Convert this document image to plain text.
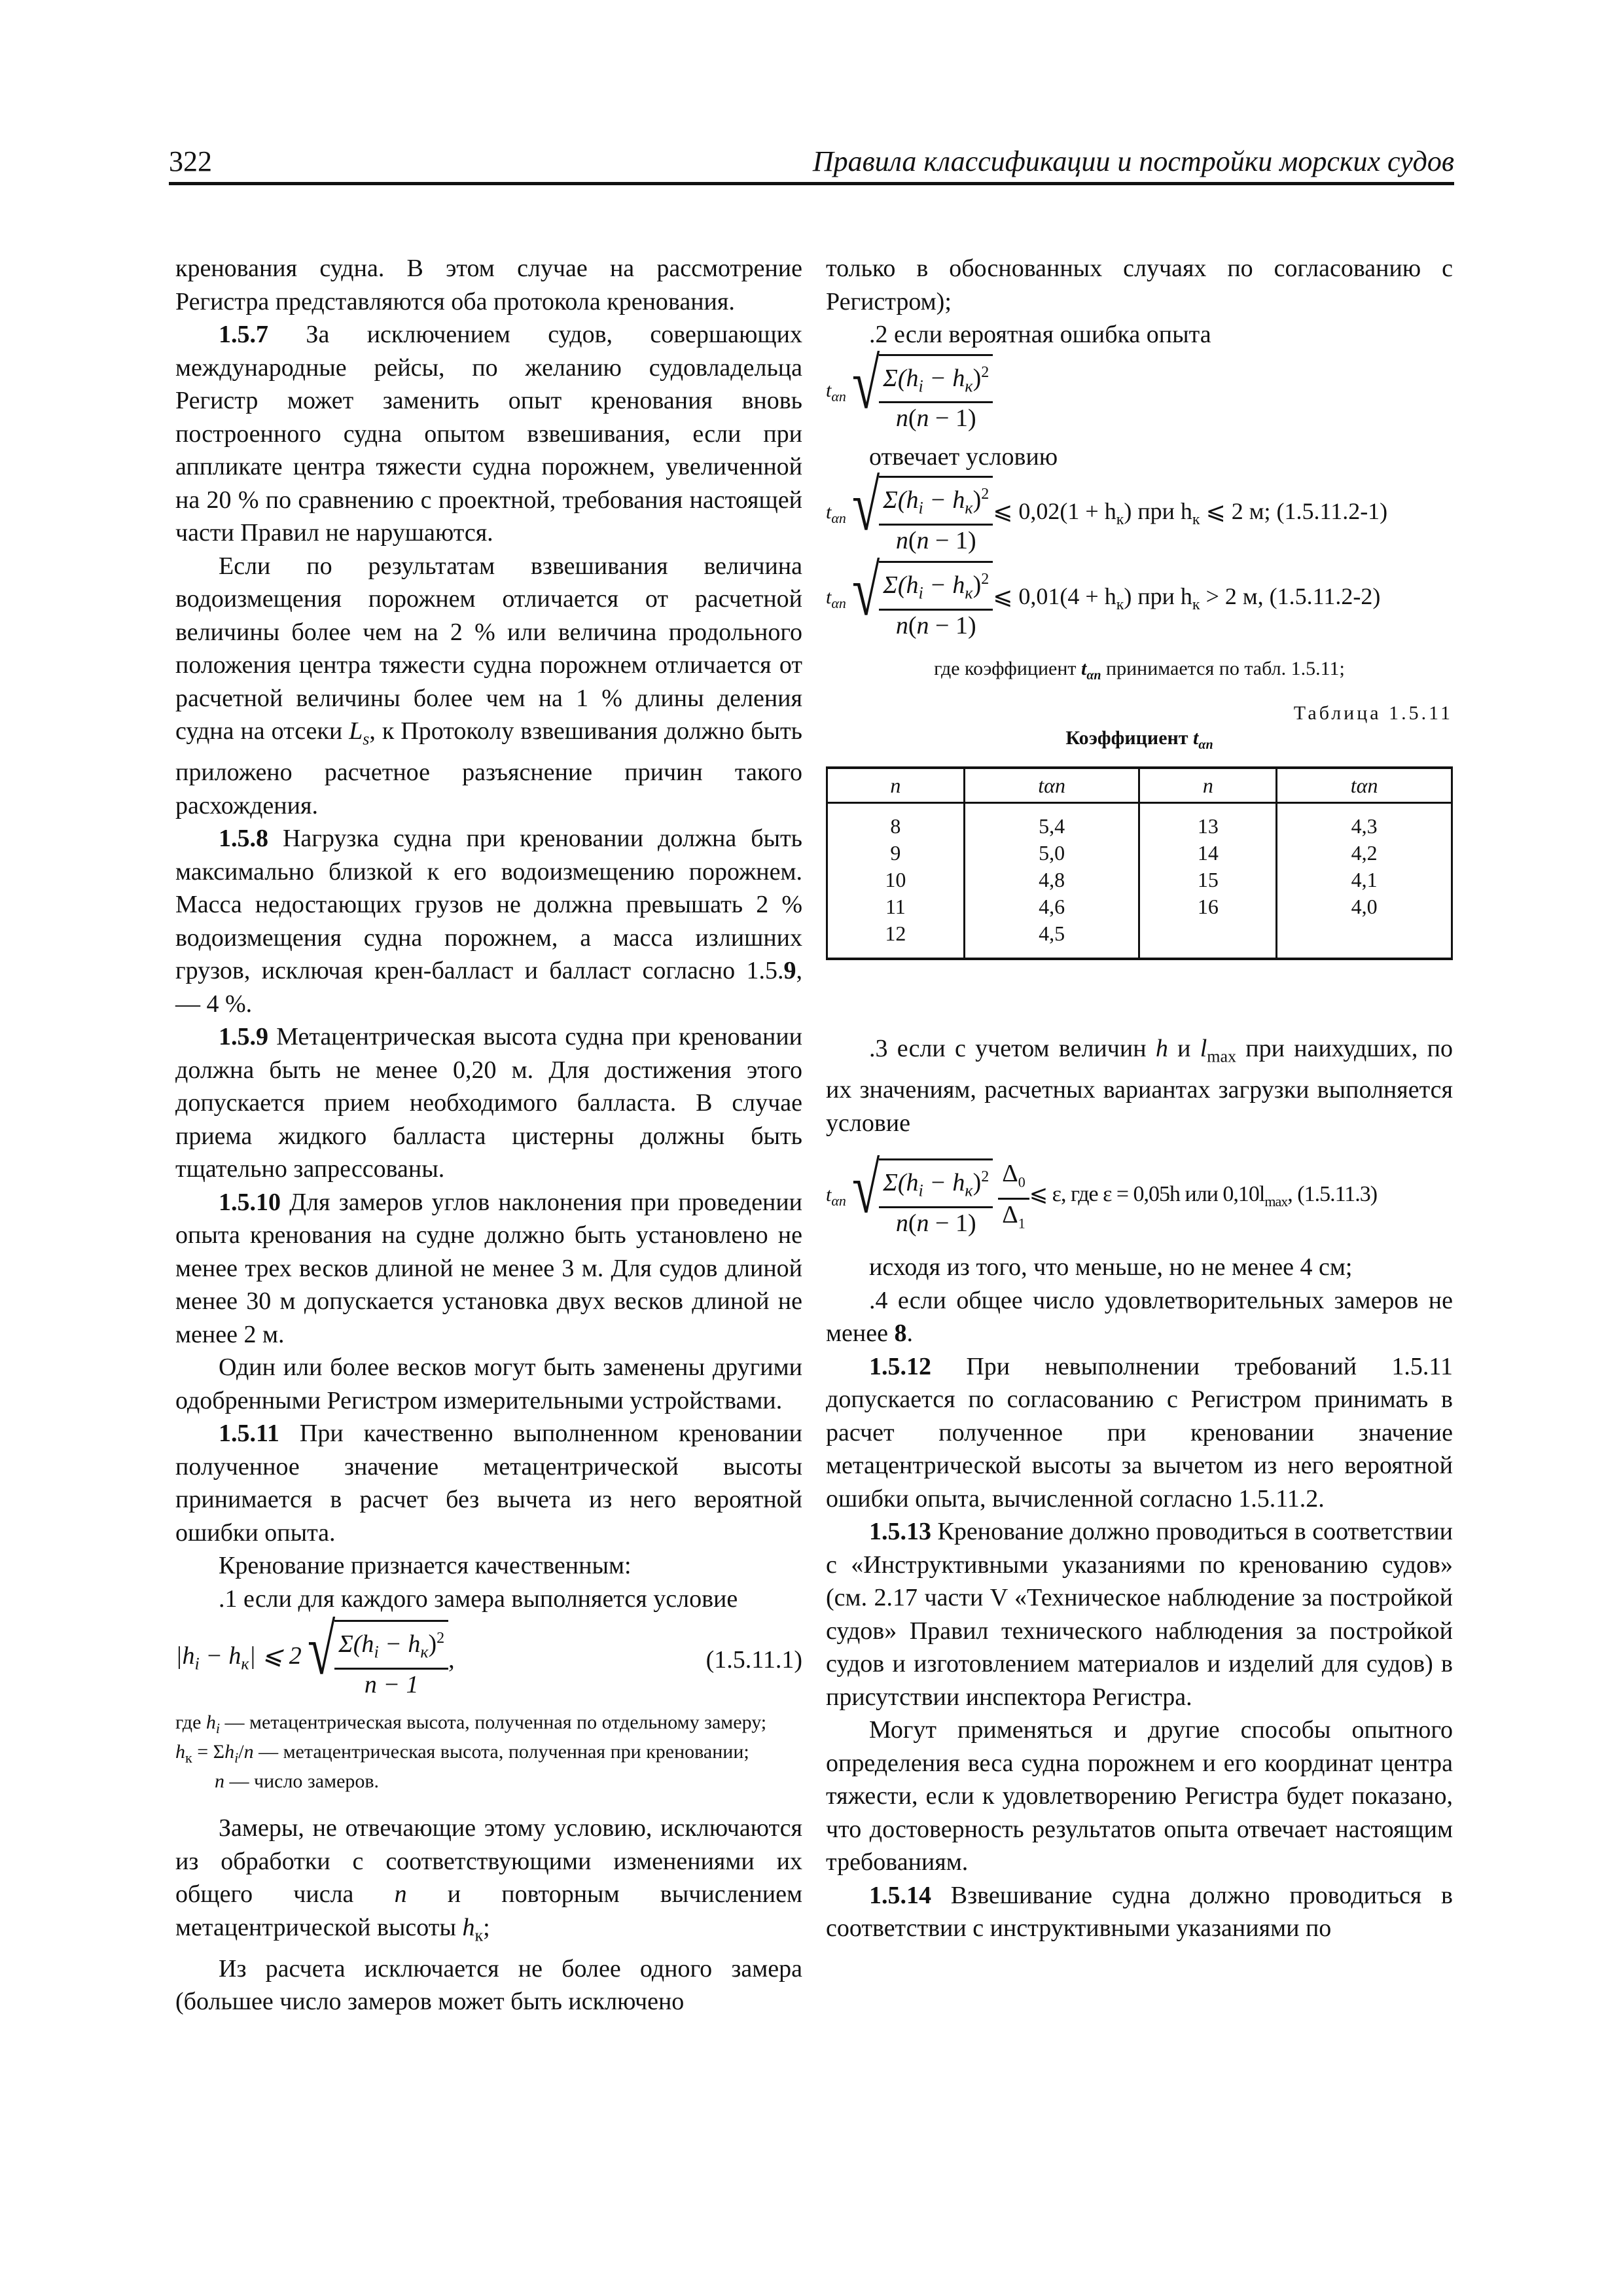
322	Правила классификации и постройки морских судов

кренования судна. В этом случае на рассмотрение Регистра представляются оба протокола кренования.

1.5.7 За исключением судов, совершающих международные рейсы, по желанию судовладельца Регистр может заменить опыт кренования вновь построенного судна опытом взвешивания, если при аппликате центра тяжести судна порожнем, увеличенной на 20 % по сравнению с проектной, требования настоящей части Правил не нарушаются.

Если по результатам взвешивания величина водоизмещения порожнем отличается от расчетной величины более чем на 2 % или величина продольного положения центра тяжести судна порожнем отличается от расчетной величины более чем на 1 % длины деления судна на отсеки $L_s$, к Протоколу взвешивания должно быть приложено расчетное разъяснение причин такого расхождения.

1.5.8 Нагрузка судна при креновании должна быть максимально близкой к его водоизмещению порожнем. Масса недостающих грузов не должна превышать 2 % водоизмещения судна порожнем, а масса излишних грузов, исключая крен-балласт и балласт согласно 1.5.9, — 4 %.

1.5.9 Метацентрическая высота судна при креновании должна быть не менее 0,20 м. Для достижения этого допускается прием необходимого балласта. В случае приема жидкого балласта цистерны должны быть тщательно запрессованы.

1.5.10 Для замеров углов наклонения при проведении опыта кренования на судне должно быть установлено не менее трех весков длиной не менее 3 м. Для судов длиной менее 30 м допускается установка двух весков длиной не менее 2 м.

Один или более весков могут быть заменены другими одобренными Регистром измерительными устройствами.

1.5.11 При качественно выполненном креновании полученное значение метацентрической высоты принимается в расчет без вычета из него вероятной ошибки опыта.

Кренование признается качественным:

.1 если для каждого замера выполняется условие

$|h_i - h_к|$ ⩽ 2 √ $\frac{\Sigma(h_i - h_к)^2}{n - 1}$ ,	(1.5.11.1)

где $h_i$ — метацентрическая высота, полученная по отдельному замеру;

$h_к = \Sigma h_i/n$ — метацентрическая высота, полученная при креновании;

n — число замеров.

Замеры, не отвечающие этому условию, исключаются из обработки с соответствующими изменениями их общего числа n и повторным вычислением метацентрической высоты $h_к$;

Из расчета исключается не более одного замера (большее число замеров может быть исключено

только в обоснованных случаях по согласованию с Регистром);

.2 если вероятная ошибка опыта

$t_{\alpha n}$ √ $\frac{\Sigma(h_i - h_к)^2}{n(n - 1)}$

отвечает условию

$t_{\alpha n}$ √ $\frac{\Sigma(h_i - h_к)^2}{n(n - 1)}$ ⩽ $0,02(1 + h_к)$ при $h_к$ ⩽ 2 м; (1.5.11.2-1)
$t_{\alpha n}$ √ $\frac{\Sigma(h_i - h_к)^2}{n(n - 1)}$ ⩽ $0,01(4 + h_к)$ при $h_к > 2$ м, (1.5.11.2-2)

где коэффициент $t_{\alpha n}$ принимается по табл. 1.5.11;

Таблица 1.5.11

Коэффициент $t_{\alpha n}$

n	tαn	n	tαn
8	5,4	13	4,3
9	5,0	14	4,2
10	4,8	15	4,1
11	4,6	16	4,0
12	4,5		

.3 если с учетом величин h и $l_{max}$ при наихудших, по их значениям, расчетных вариантах загрузки выполняется условие

$t_{\alpha n}$ √ $\frac{\Sigma(h_i - h_к)^2}{n(n - 1)} \frac{\Delta_0}{\Delta_1}$ ⩽ ε, где ε = 0,05h или $0,10l_{max}$, (1.5.11.3)

исходя из того, что меньше, но не менее 4 см;

.4 если общее число удовлетворительных замеров не менее 8.

1.5.12 При невыполнении требований 1.5.11 допускается по согласованию с Регистром принимать в расчет полученное при креновании значение метацентрической высоты за вычетом из него вероятной ошибки опыта, вычисленной согласно 1.5.11.2.

1.5.13 Кренование должно проводиться в соответствии с «Инструктивными указаниями по кренованию судов» (см. 2.17 части V «Техническое наблюдение за постройкой судов» Правил технического наблюдения за постройкой судов и изготовлением материалов и изделий для судов) в присутствии инспектора Регистра.

Могут применяться и другие способы опытного определения веса судна порожнем и его координат центра тяжести, если к удовлетворению Регистра будет показано, что достоверность результатов опыта отвечает настоящим требованиям.

1.5.14 Взвешивание судна должно проводиться в соответствии с инструктивными указаниями по
